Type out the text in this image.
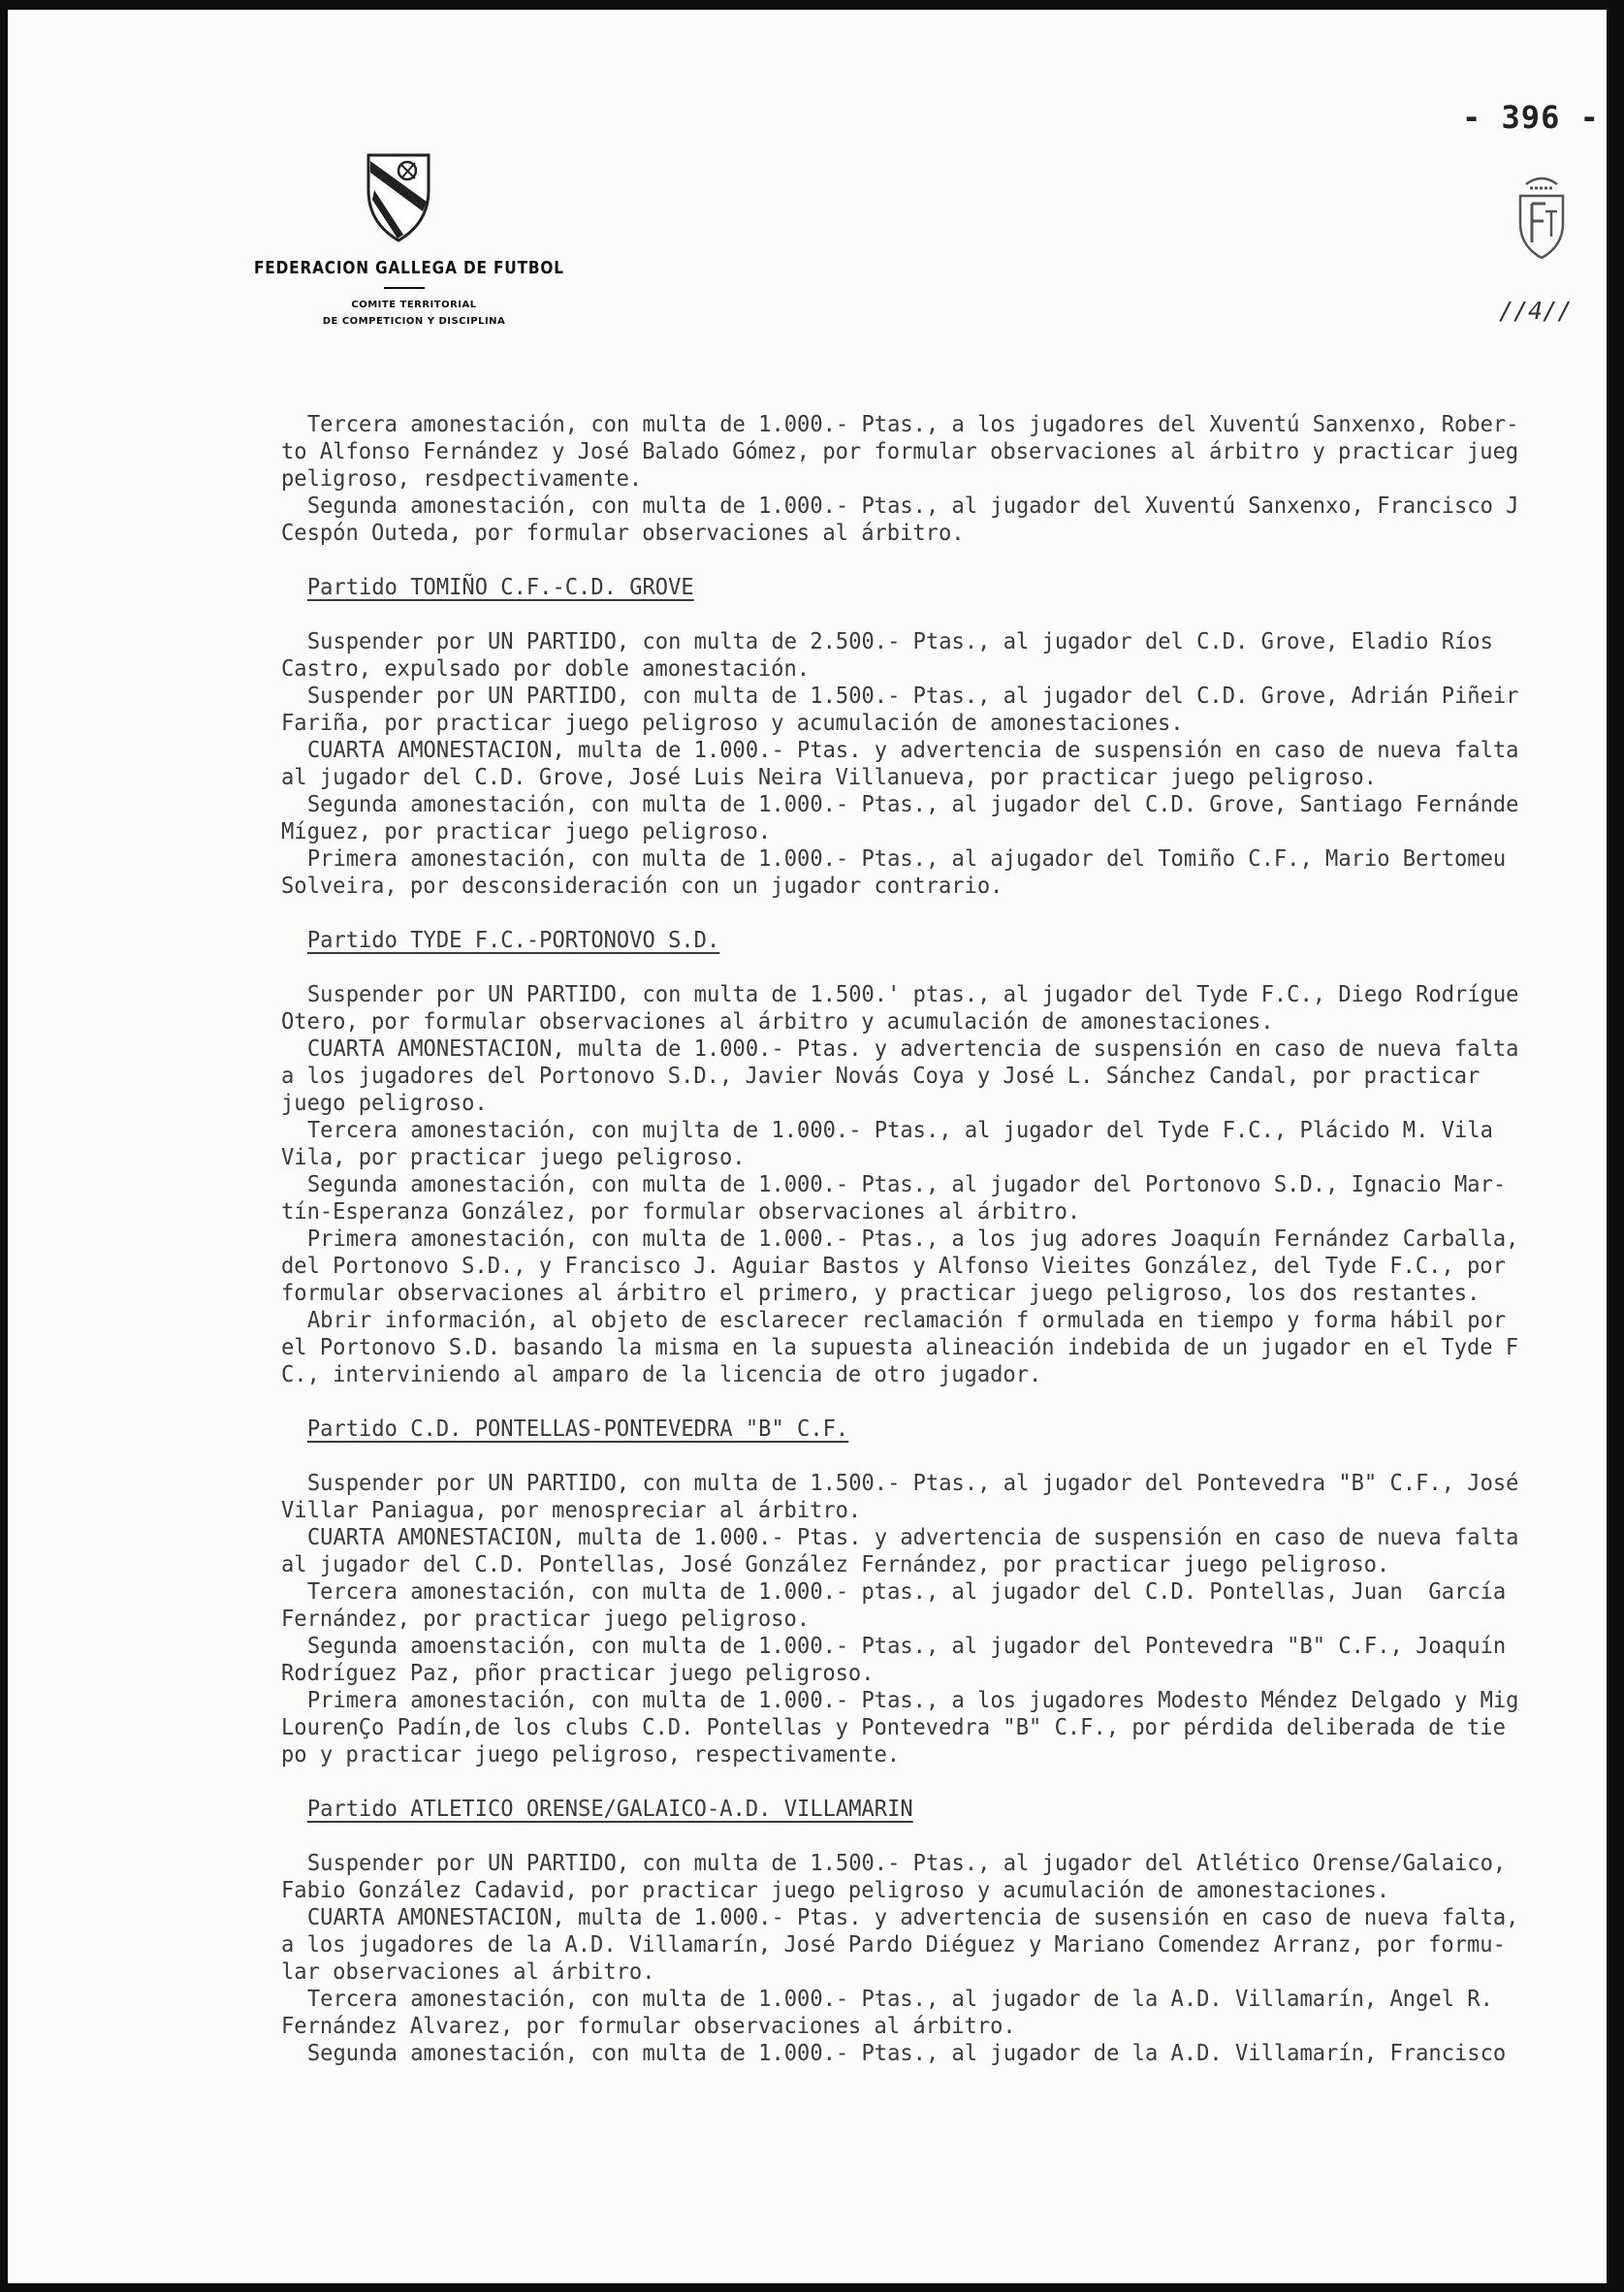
- 396 -
FEDERACION GALLEGA DE FUTBOL
COMITE TERRITORIAL
DE COMPETICION Y DISCIPLINA	//4//

Tercera amonestación, con multa de 1.000.- Ptas., a los jugadores del Xuventú Sanxenxo, Rober-
to Alfonso Fernández y José Balado Gómez, por formular observaciones al árbitro y practicar jueg
peligroso, resdpectivamente.

Segunda amonestación, con multa de 1.000.- Ptas., al jugador del Xuventú Sanxenxo, Francisco J
Cespón Outeda, por formular observaciones al árbitro.

Partido TOMIÑO C.F.-C.D. GROVE

Suspender por UN PARTIDO, con multa de 2.500.- Ptas., al jugador del C.D. Grove, Eladio Ríos
Castro, expulsado por doble amonestación.

Suspender por UN PARTIDO, con multa de 1.500.- Ptas., al jugador del C.D. Grove, Adrián Piñeir
Fariña, por practicar juego peligroso y acumulación de amonestaciones.

CUARTA AMONESTACION, multa de 1.000.- Ptas. y advertencia de suspensión en caso de nueva falta
al jugador del C.D. Grove, José Luis Neira Villanueva, por practicar juego peligroso.

Segunda amonestación, con multa de 1.000.- Ptas., al jugador del C.D. Grove, Santiago Fernánde
Míguez, por practicar juego peligroso.

Primera amonestación, con multa de 1.000.- Ptas., al ajugador del Tomiño C.F., Mario Bertomeu
Solveira, por desconsideración con un jugador contrario.

Partido TYDE F.C.-PORTONOVO S.D.

Suspender por UN PARTIDO, con multa de 1.500.' ptas., al jugador del Tyde F.C., Diego Rodrígue
Otero, por formular observaciones al árbitro y acumulación de amonestaciones.

CUARTA AMONESTACION, multa de 1.000.- Ptas. y advertencia de suspensión en caso de nueva falta
a los jugadores del Portonovo S.D., Javier Novás Coya y José L. Sánchez Candal, por practicar
juego peligroso.

Tercera amonestación, con mujlta de 1.000.- Ptas., al jugador del Tyde F.C., Plácido M. Vila
Vila, por practicar juego peligroso.

Segunda amonestación, con multa de 1.000.- Ptas., al jugador del Portonovo S.D., Ignacio Mar-
tín-Esperanza González, por formular observaciones al árbitro.

Primera amonestación, con multa de 1.000.- Ptas., a los jug adores Joaquín Fernández Carballa,
del Portonovo S.D., y Francisco J. Aguiar Bastos y Alfonso Vieites González, del Tyde F.C., por
formular observaciones al árbitro el primero, y practicar juego peligroso, los dos restantes.

Abrir información, al objeto de esclarecer reclamación f ormulada en tiempo y forma hábil por
el Portonovo S.D. basando la misma en la supuesta alineación indebida de un jugador en el Tyde F
C., interviniendo al amparo de la licencia de otro jugador.

Partido C.D. PONTELLAS-PONTEVEDRA "B" C.F.

Suspender por UN PARTIDO, con multa de 1.500.- Ptas., al jugador del Pontevedra "B" C.F., José
Villar Paniagua, por menospreciar al árbitro.

CUARTA AMONESTACION, multa de 1.000.- Ptas. y advertencia de suspensión en caso de nueva falta
al jugador del C.D. Pontellas, José González Fernández, por practicar juego peligroso.

Tercera amonestación, con multa de 1.000.- ptas., al jugador del C.D. Pontellas, Juan  García
Fernández, por practicar juego peligroso.

Segunda amoenstación, con multa de 1.000.- Ptas., al jugador del Pontevedra "B" C.F., Joaquín
Rodríguez Paz, pñor practicar juego peligroso.

Primera amonestación, con multa de 1.000.- Ptas., a los jugadores Modesto Méndez Delgado y Mig
LourenÇo Padín,de los clubs C.D. Pontellas y Pontevedra "B" C.F., por pérdida deliberada de tie
po y practicar juego peligroso, respectivamente.

Partido ATLETICO ORENSE/GALAICO-A.D. VILLAMARIN

Suspender por UN PARTIDO, con multa de 1.500.- Ptas., al jugador del Atlético Orense/Galaico,
Fabio González Cadavid, por practicar juego peligroso y acumulación de amonestaciones.

CUARTA AMONESTACION, multa de 1.000.- Ptas. y advertencia de susensión en caso de nueva falta,
a los jugadores de la A.D. Villamarín, José Pardo Diéguez y Mariano Comendez Arranz, por formu-
lar observaciones al árbitro.

Tercera amonestación, con multa de 1.000.- Ptas., al jugador de la A.D. Villamarín, Angel R.
Fernández Alvarez, por formular observaciones al árbitro.

Segunda amonestación, con multa de 1.000.- Ptas., al jugador de la A.D. Villamarín, Francisco
